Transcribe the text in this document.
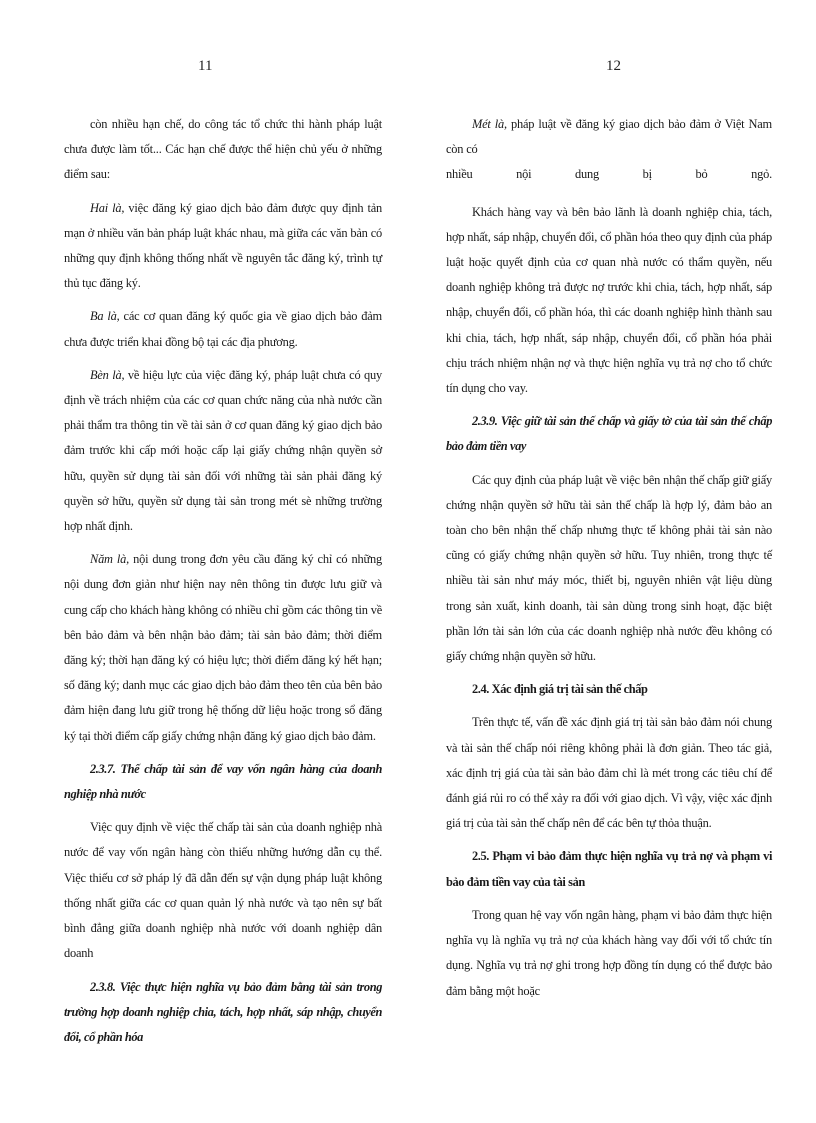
11	12

còn nhiều hạn chế, do công tác tổ chức thi hành pháp luật chưa được làm tốt... Các hạn chế được thể hiện chủ yếu ở những điểm sau:

Hai là, việc đăng ký giao dịch bảo đảm được quy định tản mạn ở nhiều văn bản pháp luật khác nhau, mà giữa các văn bản có những quy định không thống nhất về nguyên tắc đăng ký, trình tự thủ tục đăng ký.

Ba là, các cơ quan đăng ký quốc gia về giao dịch bảo đảm chưa được triển khai đồng bộ tại các địa phương.

Bèn là, về hiệu lực của việc đăng ký, pháp luật chưa có quy định về trách nhiệm của các cơ quan chức năng của nhà nước cần phải thẩm tra thông tin về tài sản ở cơ quan đăng ký giao dịch bảo đảm trước khi cấp mới hoặc cấp lại giấy chứng nhận quyền sở hữu, quyền sử dụng tài sản đối với những tài sản phải đăng ký quyền sở hữu, quyền sử dụng tài sản trong mét sè những trường hợp nhất định.

Năm là, nội dung trong đơn yêu cầu đăng ký chỉ có những nội dung đơn giản như hiện nay nên thông tin được lưu giữ và cung cấp cho khách hàng không có nhiều chỉ gồm các thông tin về bên bảo đảm và bên nhận bảo đảm; tài sản bảo đảm; thời điểm đăng ký; thời hạn đăng ký có hiệu lực; thời điểm đăng ký hết hạn; số đăng ký; danh mục các giao dịch bảo đảm theo tên của bên bảo đảm hiện đang lưu giữ trong hệ thống dữ liệu hoặc trong sổ đăng ký tại thời điểm cấp giấy chứng nhận đăng ký giao dịch bảo đảm.

2.3.7. Thế chấp tài sản để vay vốn ngân hàng của doanh nghiệp nhà nước

Việc quy định về việc thế chấp tài sản của doanh nghiệp nhà nước để vay vốn ngân hàng còn thiếu những hướng dẫn cụ thể. Việc thiếu cơ sở pháp lý đã dẫn đến sự vận dụng pháp luật không thống nhất giữa các cơ quan quản lý nhà nước và tạo nên sự bất bình đẳng giữa doanh nghiệp nhà nước với doanh nghiệp dân doanh

2.3.8. Việc thực hiện nghĩa vụ bảo đảm bằng tài sản trong trường hợp doanh nghiệp chia, tách, hợp nhất, sáp nhập, chuyển đổi, cổ phần hóa

Mét là, pháp luật về đăng ký giao dịch bảo đảm ở Việt Nam còn có

nhiều nội dung bị bỏ ngỏ.

Khách hàng vay và bên bảo lãnh là doanh nghiệp chia, tách, hợp nhất, sáp nhập, chuyển đổi, cổ phần hóa theo quy định của pháp luật hoặc quyết định của cơ quan nhà nước có thẩm quyền, nếu doanh nghiệp không trả được nợ trước khi chia, tách, hợp nhất, sáp nhập, chuyển đổi, cổ phần hóa, thì các doanh nghiệp hình thành sau khi chia, tách, hợp nhất, sáp nhập, chuyển đổi, cổ phần hóa phải chịu trách nhiệm nhận nợ và thực hiện nghĩa vụ trả nợ cho tổ chức tín dụng cho vay.

2.3.9. Việc giữ tài sản thế chấp và giấy tờ của tài sản thế chấp bảo đảm tiền vay

Các quy định của pháp luật về việc bên nhận thế chấp giữ giấy chứng nhận quyền sở hữu tài sản thế chấp là hợp lý, đảm bảo an toàn cho bên nhận thế chấp nhưng thực tế không phải tài sản nào cũng có giấy chứng nhận quyền sở hữu. Tuy nhiên, trong thực tế nhiều tài sản như máy móc, thiết bị, nguyên nhiên vật liệu dùng trong sản xuất, kinh doanh, tài sản dùng trong sinh hoạt, đặc biệt phần lớn tài sản lớn của các doanh nghiệp nhà nước đều không có giấy chứng nhận quyền sở hữu.

2.4. Xác định giá trị tài sản thế chấp

Trên thực tế, vấn đề xác định giá trị tài sản bảo đảm nói chung và tài sản thế chấp nói riêng không phải là đơn giản. Theo tác giả, xác định trị giá của tài sản bảo đảm chỉ là mét trong các tiêu chí để đánh giá rủi ro có thể xảy ra đối với giao dịch. Vì vậy, việc xác định giá trị của tài sản thế chấp nên để các bên tự thỏa thuận.

2.5. Phạm vi bảo đảm thực hiện nghĩa vụ trả nợ và phạm vi bảo đảm tiền vay của tài sản

Trong quan hệ vay vốn ngân hàng, phạm vi bảo đảm thực hiện nghĩa vụ là nghĩa vụ trả nợ của khách hàng vay đối với tổ chức tín dụng. Nghĩa vụ trả nợ ghi trong hợp đồng tín dụng có thể được bảo đảm bằng một hoặc
